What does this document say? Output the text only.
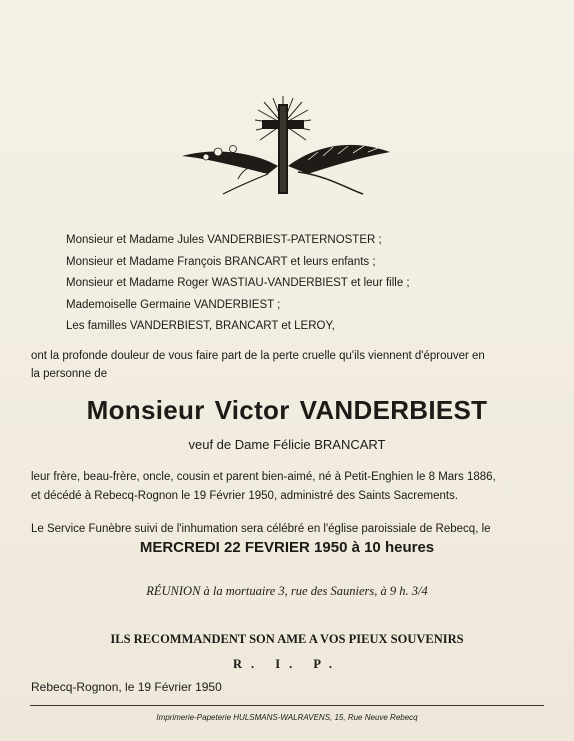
Monsieur et Madame Jules VANDERBIEST-PATERNOSTER ;
Monsieur et Madame François BRANCART et leurs enfants ;
Monsieur et Madame Roger WASTIAU-VANDERBIEST et leur fille ;
Mademoiselle Germaine VANDERBIEST ;
Les familles VANDERBIEST, BRANCART et LEROY,

ont la profonde douleur de vous faire part de la perte cruelle qu'ils viennent d'éprouver en

la personne de

Monsieur Victor VANDERBIEST
veuf de Dame Félicie BRANCART

leur frère, beau-frère, oncle, cousin et parent bien-aimé, né à Petit-Enghien le 8 Mars 1886,

et décédé à Rebecq-Rognon le 19 Février 1950, administré des Saints Sacrements.

Le Service Funèbre suivi de l'inhumation sera célébré en l'église paroissiale de Rebecq, le
MERCREDI 22 FEVRIER 1950 à 10 heures
RÉUNION à la mortuaire 3, rue des Sauniers, à 9 h. 3/4
ILS RECOMMANDENT SON AME A VOS PIEUX SOUVENIRS
R. I. P.
Rebecq-Rognon, le 19 Février 1950
Imprimerie-Papeterie HULSMANS-WALRAVENS, 15, Rue Neuve Rebecq
